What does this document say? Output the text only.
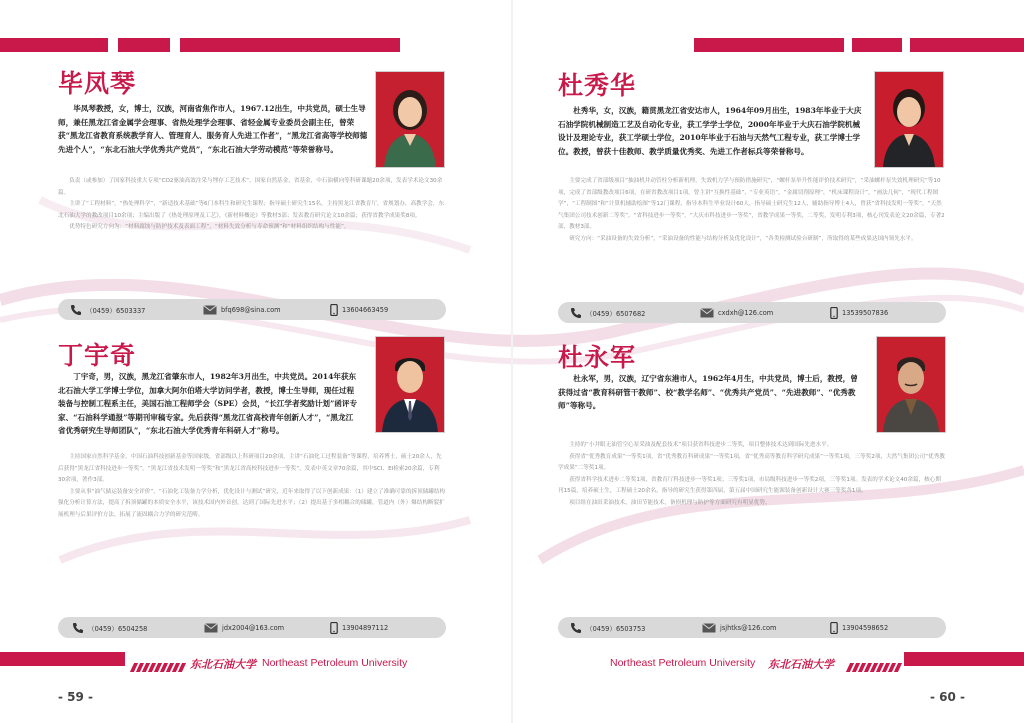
毕凤琴

毕凤琴教授，女，博士，汉族，河南省焦作市人，1967.12出生，中共党员，硕士生导师，兼任黑龙江省金属学会理事、省热处理学会理事、省轻金属专业委员会副主任，曾荣获“黑龙江省教育系统教学育人、管理育人、服务育人先进工作者”，“黑龙江省高等学校师德先进个人”，“东北石油大学优秀共产党员”，“东北石油大学劳动模范”等荣誉称号。

负责（或参加）了国家科技重大专项“CO2驱油高效注采与埋存工艺技术”，国家自然基金，省基金，中石油横向等科研课题20余项，发表学术论文30余篇。

主讲了“工程材料”，“热处理科学”，“新适技术基础”等6门本科生和研究生课程；指导硕士研究生15名，主持黑龙江省教育厅，省规划办，高教学会，东北石油大学的教改项目10余项；主编出版了《热处理原理及工艺》，《新材料概论》等教材3部；发表教育研究论文10余篇；获得省教学成果奖8项。

优势特色研究方向为：“材料腐蚀与防护技术及表面工程”，“材料失效分析与寿命预测”和“材料组织结构与性能”。

（0459）6503337	bfq698@sina.com	13604663459
丁宇奇

丁宇奇，男，汉族，黑龙江省肇东市人，1982年3月出生，中共党员。2014年获东北石油大学工学博士学位，加拿大阿尔伯塔大学访问学者，教授，博士生导师，现任过程装备与控制工程系主任，美国石油工程师学会（SPE）会员，“长江学者奖励计划”函评专家、“石油科学通报”等期刊审稿专家。先后获得“黑龙江省高校青年创新人才”，“黑龙江省优秀研究生导师团队”，“东北石油大学优秀青年科研人才”称号。

主持国家自然科学基金，中国石油科技创新基金等国家级，省部级以上科研项目20余项，主讲“石油化工过程装备”等课程，培养博士，硕士20余人，先后获得“黑龙江省科技进步一等奖”，“黑龙江省技术发明一等奖”和“黑龙江省高校科技进步一等奖”，发表中英文章70余篇，其中SCI、EI检索20余篇，专利30余项，著作3部。

主要从事“油气储运装备安全评价”，“石油化工装备力学分析，优化设计与测试”研究，近年来取得了以下创新成果：（1）建立了准确可靠的拆顶储罐结构强化分析计算方法，提高了拆顶储罐的本质安全水平，该技术国内外首创，达到了国际先进水平；（2）提出基于多相耦合的储罐，管道内（外）爆结构断裂扩展机理与后果评价方法，拓展了流固耦合力学的研究范畴。

（0459）6504258	jdx2004@163.com	13904897112
东北石油大学 Northeast Petroleum University
- 59 -
杜秀华

杜秀华，女，汉族，籍贯黑龙江省安达市人，1964年09月出生，1983年毕业于大庆石油学院机械制造工艺及自动化专业，获工学学士学位，2000年毕业于大庆石油学院机械设计及理论专业，获工学硕士学位，2010年毕业于石油与天然气工程专业，获工学博士学位。教授，曾获十佳教师、教学质量优秀奖、先进工作者标兵等荣誉称号。

主要完成了省部级项目“抽油机井动管柱分析新机理，失效机力学与预防措施研究”，“螺杆泵举升性能评价技术研究”，“采油螺杆泵失效机理研究”等10项，完成了省部级教改项目6项，在研省教改项目1项，曾主讲“互换性基础”，“专业英语”，“金属切削原理”，“机床课程设计”，“画法几何”，“现代工程图学”，“工程制图”和“计算机辅助绘图”等12门课程，指导本科生毕业设计60人，指导硕士研究生12人，辅助指导博士4人，曾获“省科技发明一等奖”，“天然气集团公司技术创新二等奖”，“省科技进步一等奖”，“大庆市科技进步一等奖”，省教学成果一等奖，二等奖，发明专利3项，核心刊发表论文20余篇，专著2部，教材3部。

研究方向：“采油设备的失效分析”，“采油设备的性能与结构分析及优化设计”，“各类检测试验台研制”，所取得的某些成果达国内领先水平。

（0459）6507682	cxdxh@126.com	13539507836
杜永军

杜永军，男，汉族，辽宁省东港市人，1962年4月生，中共党员，博士后，教授，曾获得过省“教育科研管干教师”、校“教学名师”、“优秀共产党员”、“先进教师”、“优秀教师”等称号。

主持的“小井眼无油管空心泵采油及配套技术”项目获省科技进步二等奖，项目整体技术达到国际先进水平。

获得省“优秀教育成果”一等奖1项，省“优秀教育科研成果”一等奖1项，省“优秀高等教育科学研究成果”一等奖1项，三等奖2项，大然气集团公司“优秀教学成果”二等奖1项。

获得省科学技术进步二等奖1项，省教育厅科技进步一等奖1项；三等奖1项，市局级科技进步一等奖2项，三等奖1项。发表的学术论文40余篇，核心期刊15篇，培养硕士生，工程硕士20余名，指导的研究生获得第四届，第五届中国研究生能源装备创新设计大赛三等奖各1项。

项目组在油田采油技术，油田节能技术，备损机理与防护等方面研究有明显优势。

（0459）6503753	jsjhtks@126.com	13904598652
Northeast Petroleum University 东北石油大学
- 60 -
